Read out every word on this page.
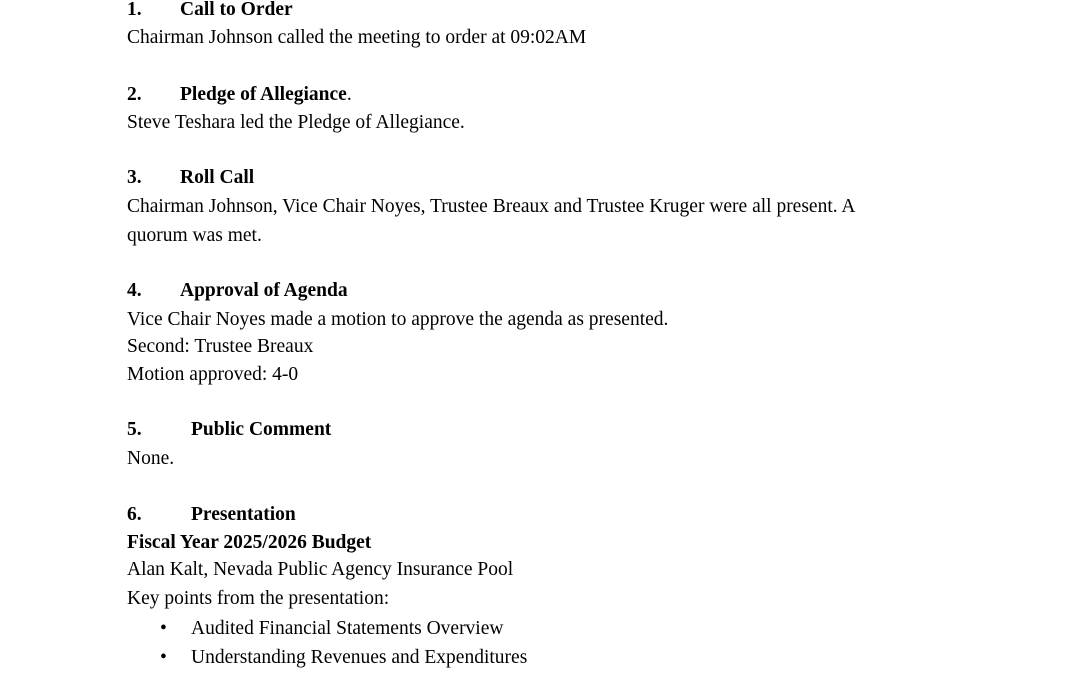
1. Call to Order
Chairman Johnson called the meeting to order at 09:02AM
2. Pledge of Allegiance.
Steve Teshara led the Pledge of Allegiance.
3. Roll Call
Chairman Johnson, Vice Chair Noyes, Trustee Breaux and Trustee Kruger were all present. A
quorum was met.
4. Approval of Agenda
Vice Chair Noyes made a motion to approve the agenda as presented.
Second: Trustee Breaux
Motion approved: 4-0
5.	Public Comment
None.
6.	Presentation
Fiscal Year 2025/2026 Budget
Alan Kalt, Nevada Public Agency Insurance Pool
Key points from the presentation:
• Audited Financial Statements Overview
• Understanding Revenues and Expenditures
